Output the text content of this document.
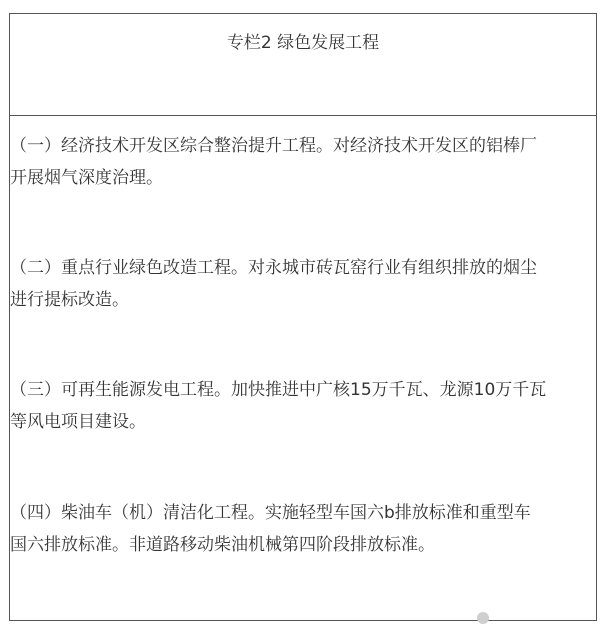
专栏2 绿色发展工程
（一）经济技术开发区综合整治提升工程。对经济技术开发区的铝棒厂
开展烟气深度治理。
（二）重点行业绿色改造工程。对永城市砖瓦窑行业有组织排放的烟尘
进行提标改造。
（三）可再生能源发电工程。加快推进中广核15万千瓦、龙源10万千瓦
等风电项目建设。
（四）柴油车（机）清洁化工程。实施轻型车国六b排放标准和重型车
国六排放标准。非道路移动柴油机械第四阶段排放标准。
